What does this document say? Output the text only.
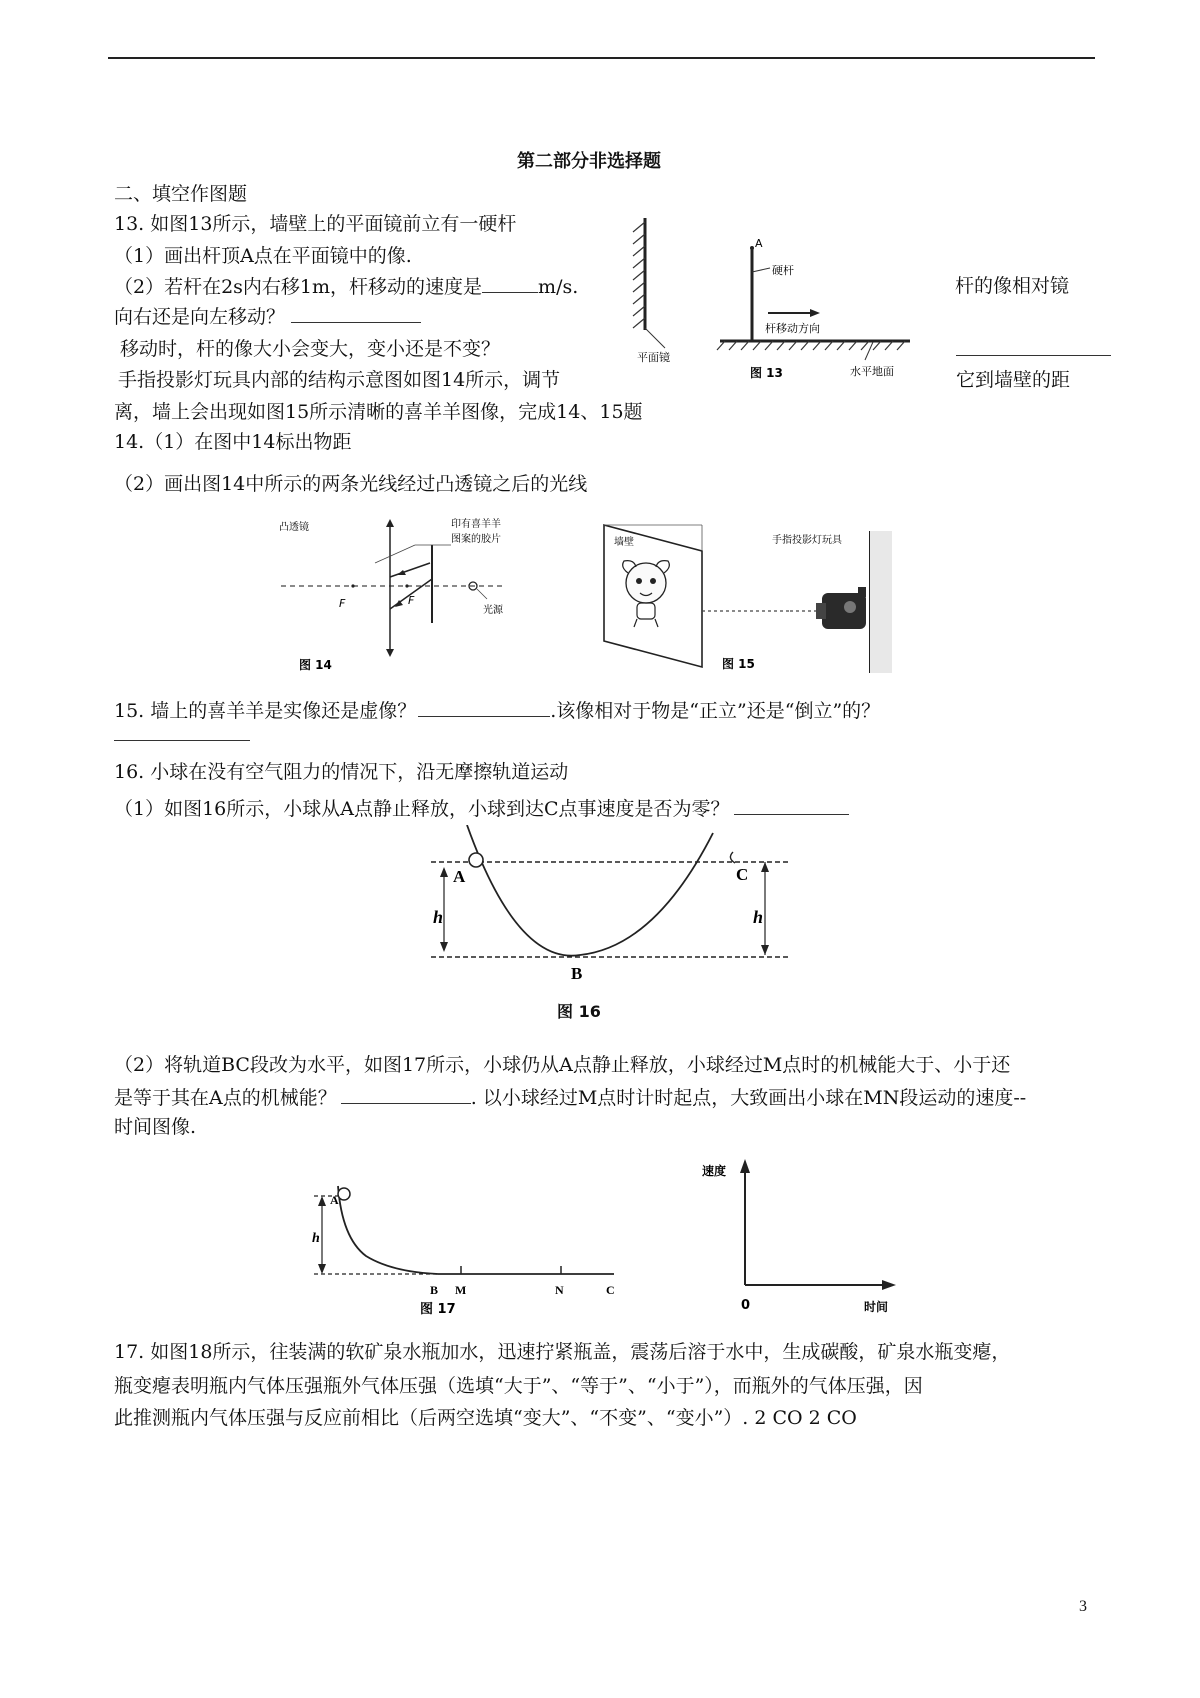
第二部分非选择题
二、填空作图题
13. 如图13所示，墙壁上的平面镜前立有一硬杆
（1）画出杆顶A点在平面镜中的像.
（2）若杆在2s内右移1m，杆移动的速度是	m/s.	杆的像相对镜
向右还是向左移动？
移动时，杆的像大小会变大，变小还是不变？
手指投影灯玩具内部的结构示意图如图14所示，调节	它到墙壁的距
离，墙上会出现如图15所示清晰的喜羊羊图像，完成14、15题
A
硬杆
杆移动方向
平面镜
水平地面
图 13
14.（1）在图中14标出物距
（2）画出图14中所示的两条光线经过凸透镜之后的光线
凸透镜	印有喜羊羊
图案的胶片
光源
F	F
图 14
墙壁	手指投影灯玩具
图 15
15. 墙上的喜羊羊是实像还是虚像？	.该像相对于物是“正立”还是“倒立”的？
16. 小球在没有空气阻力的情况下，沿无摩擦轨道运动
（1）如图16所示，小球从A点静止释放，小球到达C点事速度是否为零？
A	C
h	h
B
图 16
（2）将轨道BC段改为水平，如图17所示，小球仍从A点静止释放，小球经过M点时的机械能大于、小于还
是等于其在A点的机械能？	. 以小球经过M点时计时起点，大致画出小球在MN段运动的速度--
时间图像.
A
h
B M	N	C
图 17
速度
时间
0
17. 如图18所示，往装满的软矿泉水瓶加水，迅速拧紧瓶盖，震荡后溶于水中，生成碳酸，矿泉水瓶变瘪，
瓶变瘪表明瓶内气体压强瓶外气体压强（选填“大于”、“等于”、“小于”），而瓶外的气体压强，因
此推测瓶内气体压强与反应前相比（后两空选填“变大”、“不变”、“变小”）. 2 CO 2 CO
3
